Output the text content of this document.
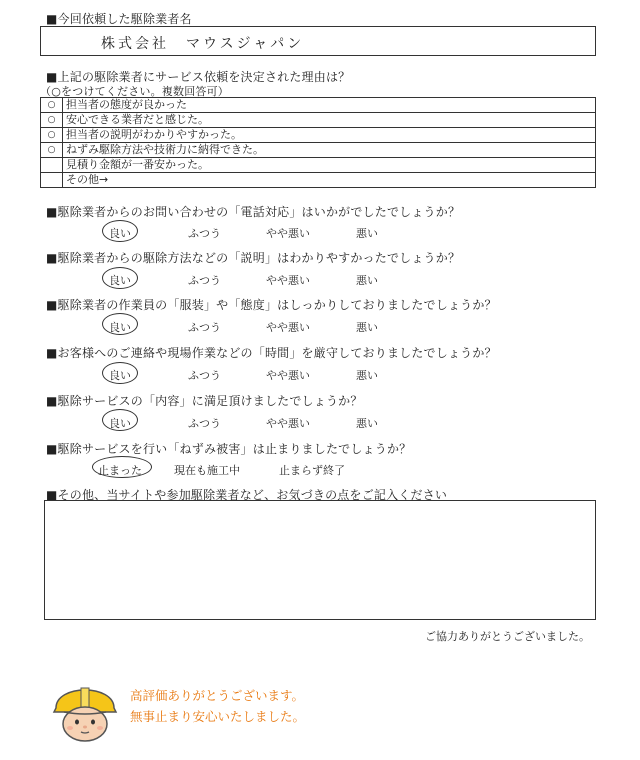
■今回依頼した駆除業者名
株式会社　マウスジャパン
■上記の駆除業者にサービス依頼を決定された理由は？
（○をつけてください。複数回答可）
○	担当者の態度が良かった
○	安心できる業者だと感じた。
○	担当者の説明がわかりやすかった。
○	ねずみ駆除方法や技術力に納得できた。
	見積り金額が一番安かった。
	その他→
■駆除業者からのお問い合わせの「電話対応」はいかがでしたでしょうか？
良い	ふつう	やや悪い	悪い
■駆除業者からの駆除方法などの「説明」はわかりやすかったでしょうか？
良い	ふつう	やや悪い	悪い
■駆除業者の作業員の「服装」や「態度」はしっかりしておりましたでしょうか？
良い	ふつう	やや悪い	悪い
■お客様へのご連絡や現場作業などの「時間」を厳守しておりましたでしょうか？
良い	ふつう	やや悪い	悪い
■駆除サービスの「内容」に満足頂けましたでしょうか？
良い	ふつう	やや悪い	悪い
■駆除サービスを行い「ねずみ被害」は止まりましたでしょうか？
止まった	現在も施工中	止まらず終了
■その他、当サイトや参加駆除業者など、お気づきの点をご記入ください
ご協力ありがとうございました。
高評価ありがとうございます。
無事止まり安心いたしました。
